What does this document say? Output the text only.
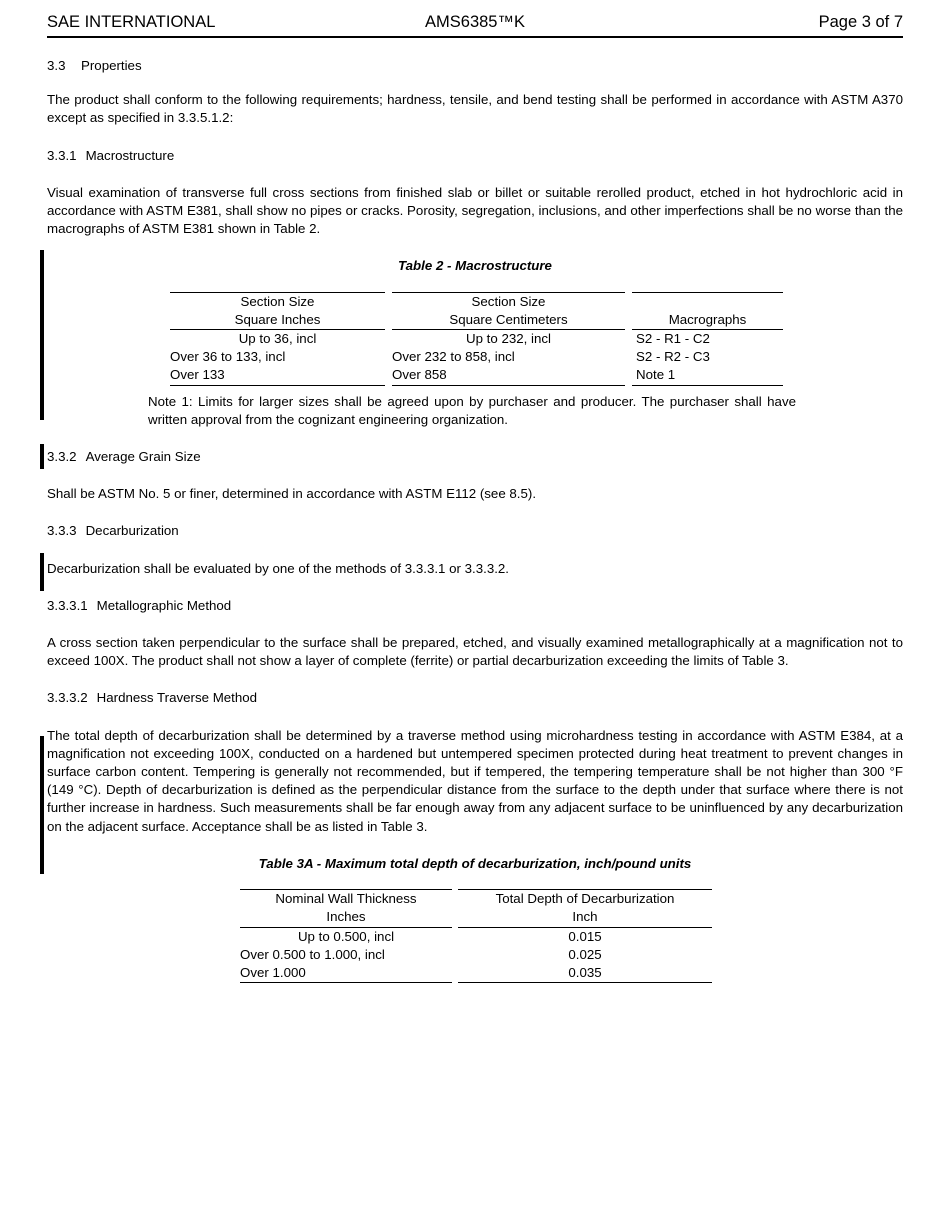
SAE INTERNATIONAL	AMS6385™K	Page 3 of 7
3.3 Properties
The product shall conform to the following requirements; hardness, tensile, and bend testing shall be performed in accordance with ASTM A370 except as specified in 3.3.5.1.2:
3.3.1 Macrostructure
Visual examination of transverse full cross sections from finished slab or billet or suitable rerolled product, etched in hot hydrochloric acid in accordance with ASTM E381, shall show no pipes or cracks. Porosity, segregation, inclusions, and other imperfections shall be no worse than the macrographs of ASTM E381 shown in Table 2.
Table 2 - Macrostructure
Section Size	Section Size	
Square Inches	Square Centimeters	Macrographs
Up to 36, incl	Up to 232, incl	S2 - R1 - C2
Over 36 to 133, incl	Over 232 to 858, incl	S2 - R2 - C3
Over 133	Over 858	Note 1
Note 1: Limits for larger sizes shall be agreed upon by purchaser and producer. The purchaser shall have written approval from the cognizant engineering organization.
3.3.2 Average Grain Size
Shall be ASTM No. 5 or finer, determined in accordance with ASTM E112 (see 8.5).
3.3.3 Decarburization
Decarburization shall be evaluated by one of the methods of 3.3.3.1 or 3.3.3.2.
3.3.3.1 Metallographic Method
A cross section taken perpendicular to the surface shall be prepared, etched, and visually examined metallographically at a magnification not to exceed 100X. The product shall not show a layer of complete (ferrite) or partial decarburization exceeding the limits of Table 3.
3.3.3.2 Hardness Traverse Method
The total depth of decarburization shall be determined by a traverse method using microhardness testing in accordance with ASTM E384, at a magnification not exceeding 100X, conducted on a hardened but untempered specimen protected during heat treatment to prevent changes in surface carbon content. Tempering is generally not recommended, but if tempered, the tempering temperature shall be not higher than 300 °F (149 °C). Depth of decarburization is defined as the perpendicular distance from the surface to the depth under that surface where there is not further increase in hardness. Such measurements shall be far enough away from any adjacent surface to be uninfluenced by any decarburization on the adjacent surface. Acceptance shall be as listed in Table 3.
Table 3A - Maximum total depth of decarburization, inch/pound units
Nominal Wall Thickness	Total Depth of Decarburization
Inches	Inch
Up to 0.500, incl	0.015
Over 0.500 to 1.000, incl	0.025
Over 1.000	0.035
